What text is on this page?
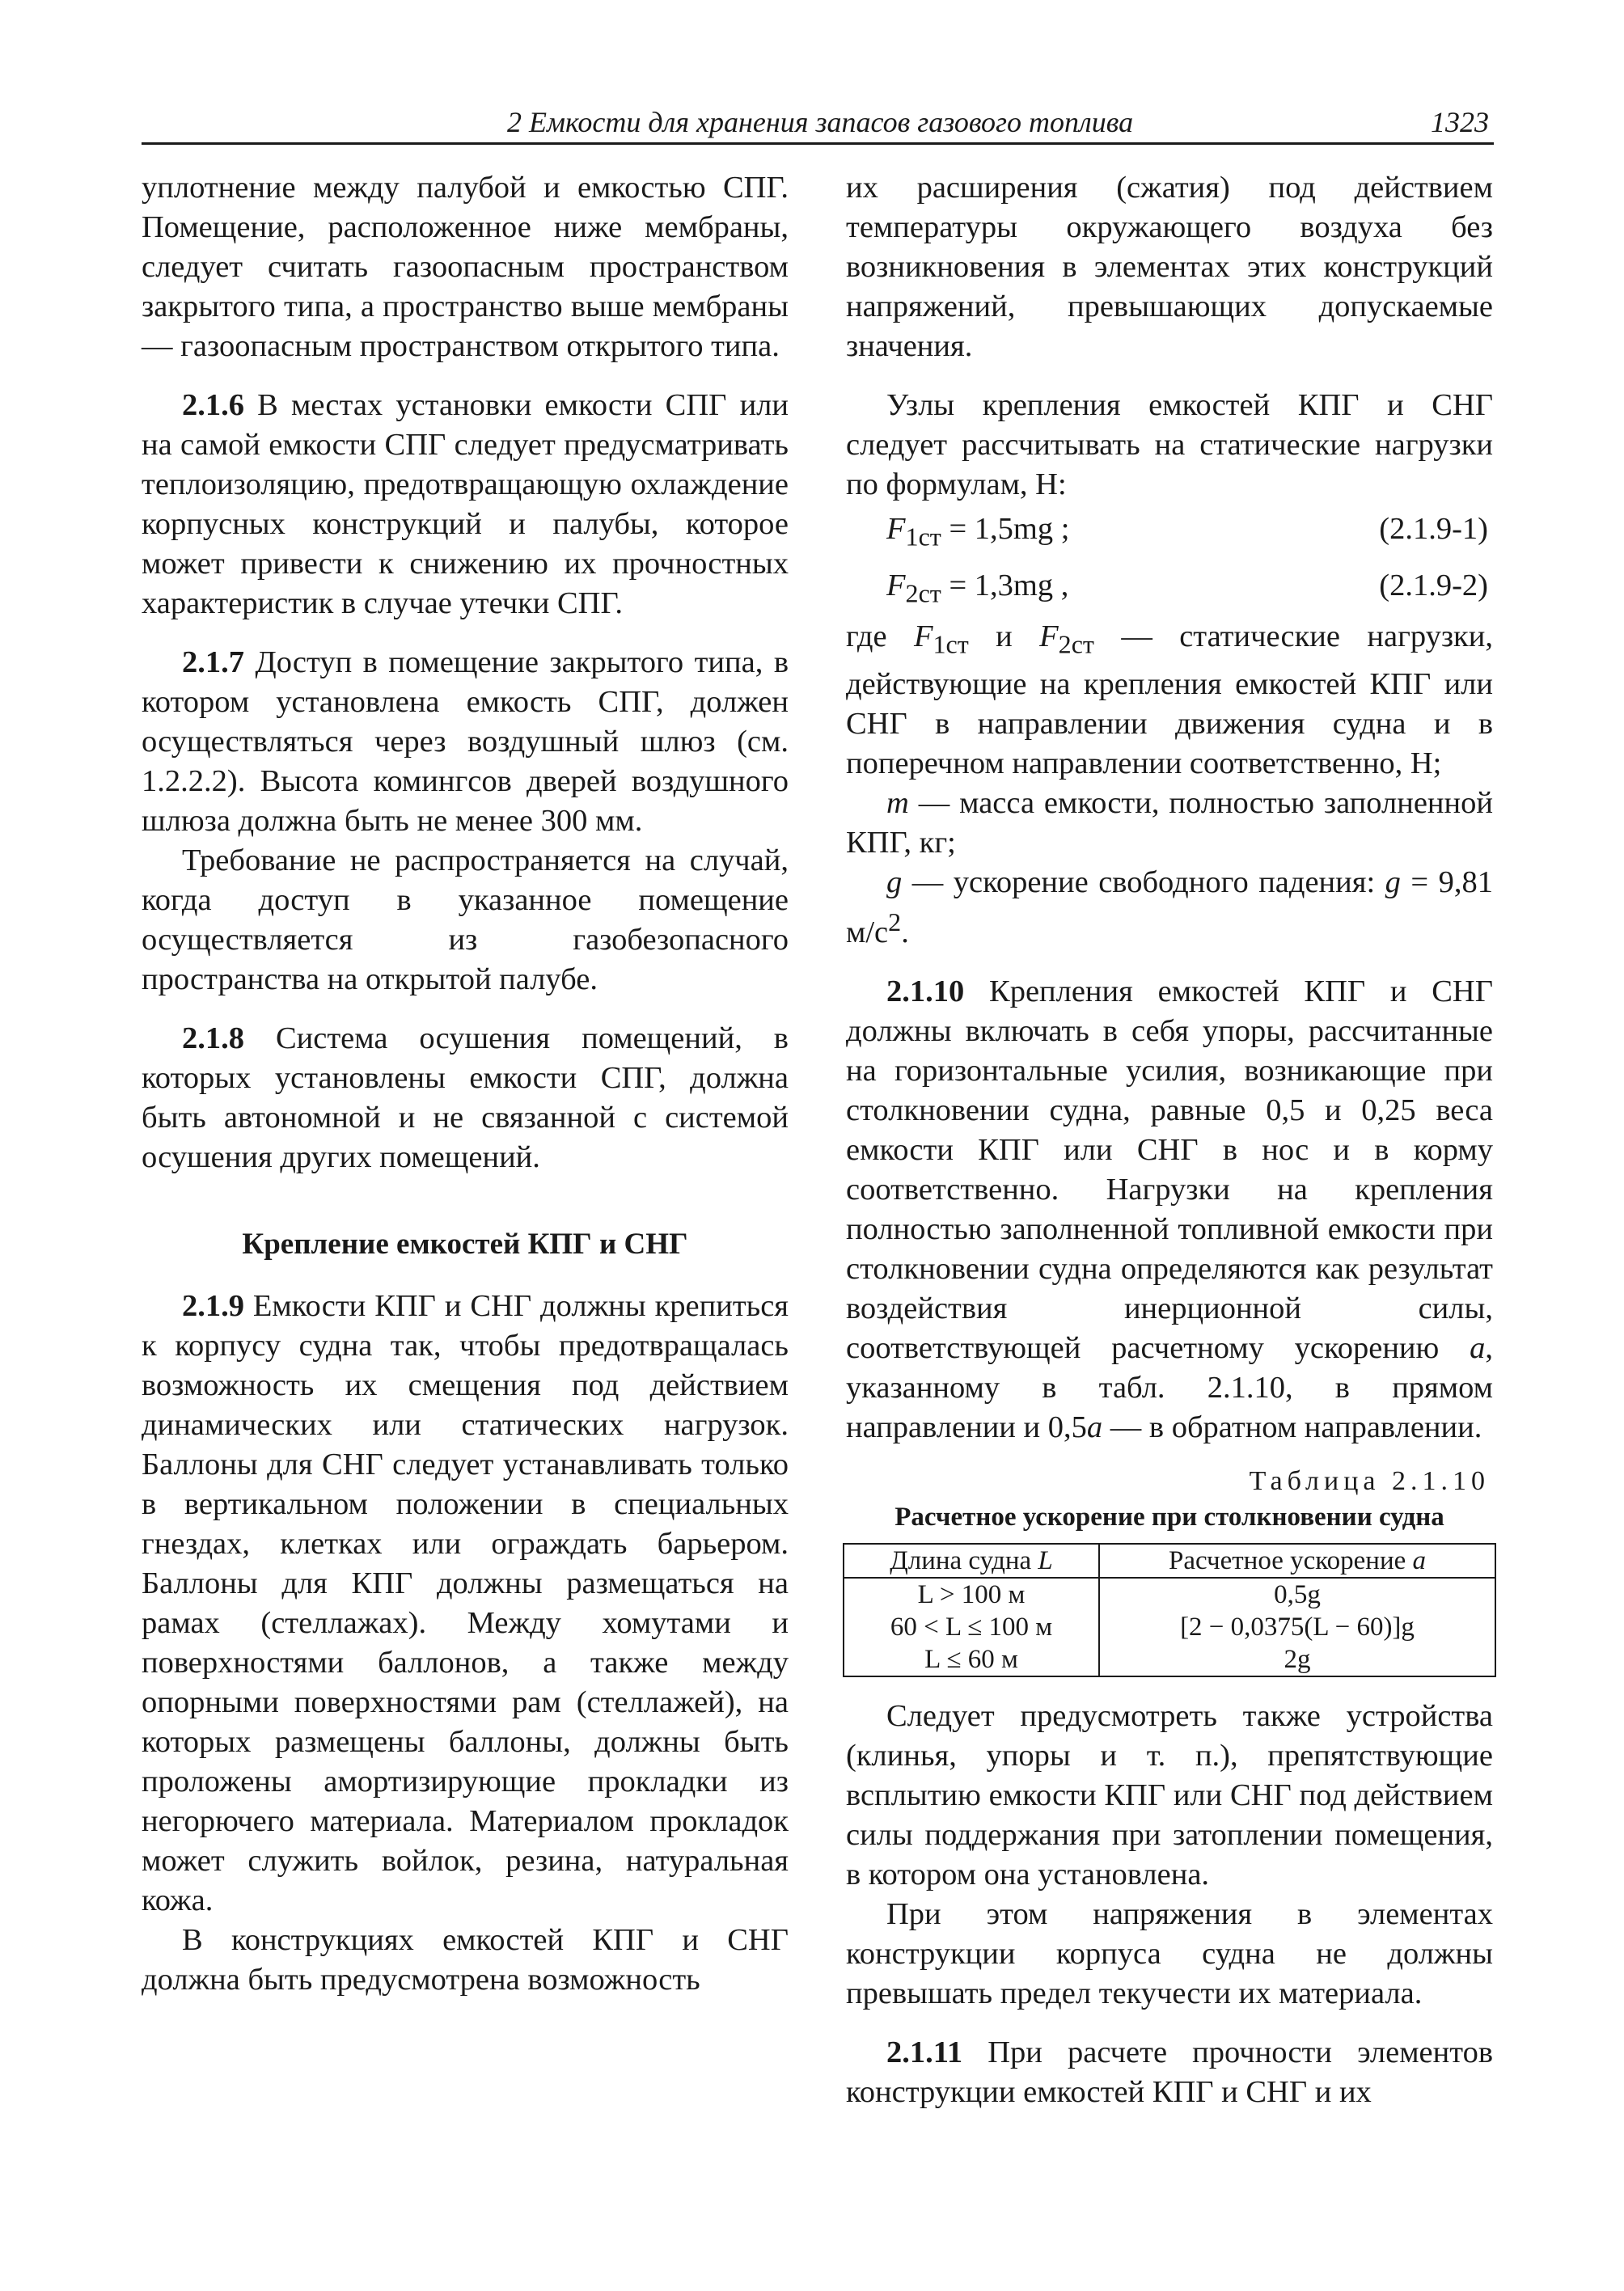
2 Емкости для хранения запасов газового топлива	1323

уплотнение между палубой и емкостью СПГ. Помещение, расположенное ниже мембраны, следует считать газоопасным пространством закрытого типа, а пространство выше мембраны — газоопасным пространством открытого типа.

2.1.6 В местах установки емкости СПГ или на самой емкости СПГ следует предусматривать теплоизоляцию, предотвращающую охлаждение корпусных конструкций и палубы, которое может привести к снижению их прочностных характеристик в случае утечки СПГ.

2.1.7 Доступ в помещение закрытого типа, в котором установлена емкость СПГ, должен осуществляться через воздушный шлюз (см. 1.2.2.2). Высота комингсов дверей воздушного шлюза должна быть не менее 300 мм.

Требование не распространяется на случай, когда доступ в указанное помещение осуществляется из газобезопасного пространства на открытой палубе.

2.1.8 Система осушения помещений, в которых установлены емкости СПГ, должна быть автономной и не связанной с системой осушения других помещений.

Крепление емкостей КПГ и СНГ

2.1.9 Емкости КПГ и СНГ должны крепиться к корпусу судна так, чтобы предотвращалась возможность их смещения под действием динамических или статических нагрузок. Баллоны для СНГ следует устанавливать только в вертикальном положении в специальных гнездах, клетках или ограждать барьером. Баллоны для КПГ должны размещаться на рамах (стеллажах). Между хомутами и поверхностями баллонов, а также между опорными поверхностями рам (стеллажей), на которых размещены баллоны, должны быть проложены амортизирующие прокладки из негорючего материала. Материалом прокладок может служить войлок, резина, натуральная кожа.

В конструкциях емкостей КПГ и СНГ должна быть предусмотрена возможность

их расширения (сжатия) под действием температуры окружающего воздуха без возникновения в элементах этих конструкций напряжений, превышающих допускаемые значения.

Узлы крепления емкостей КПГ и СНГ следует рассчитывать на статические нагрузки по формулам, Н:

$F_{1ст} = 1,5mg$ ;	(2.1.9-1)
$F_{2ст} = 1,3mg$ ,	(2.1.9-2)

где $F_{1ст}$ и $F_{2ст}$ — статические нагрузки, действующие на крепления емкостей КПГ или СНГ в направлении движения судна и в поперечном направлении соответственно, Н;

m — масса емкости, полностью заполненной КПГ, кг;

g — ускорение свободного падения: g = 9,81 $м/с^2$.

2.1.10 Крепления емкостей КПГ и СНГ должны включать в себя упоры, рассчитанные на горизонтальные усилия, возникающие при столкновении судна, равные 0,5 и 0,25 веса емкости КПГ или СНГ в нос и в корму соответственно. Нагрузки на крепления полностью заполненной топливной емкости при столкновении судна определяются как результат воздействия инерционной силы, соответствующей расчетному ускорению a, указанному в табл. 2.1.10, в прямом направлении и 0,5a — в обратном направлении.

Таблица 2.1.10
Расчетное ускорение при столкновении судна
Длина судна L	Расчетное ускорение a
L > 100 м	0,5g
60 < L ≤ 100 м	[2 − 0,0375(L − 60)]g
L ≤ 60 м	2g

Следует предусмотреть также устройства (клинья, упоры и т. п.), препятствующие всплытию емкости КПГ или СНГ под действием силы поддержания при затоплении помещения, в котором она установлена.

При этом напряжения в элементах конструкции корпуса судна не должны превышать предел текучести их материала.

2.1.11 При расчете прочности элементов конструкции емкостей КПГ и СНГ и их
